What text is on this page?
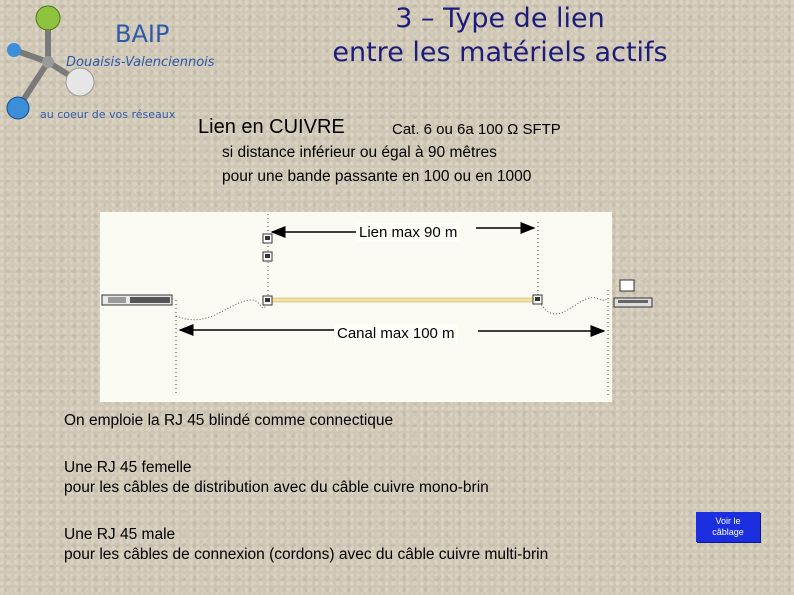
BAIP
Douaisis-Valenciennois
au coeur de vos réseaux
3 – Type de lien
entre les matériels actifs
Lien en CUIVRE	Cat. 6 ou 6a 100 Ω SFTP
si distance inférieur ou égal à 90 mêtres
pour une bande passante en 100 ou en 1000
Lien max 90 m
Canal max 100 m
On emploie la RJ 45 blindé comme connectique
Une RJ 45 femelle
pour les câbles de distribution avec du câble cuivre mono-brin
Une RJ 45 male
pour les câbles de connexion (cordons) avec du câble cuivre multi-brin
Voir le câblage
